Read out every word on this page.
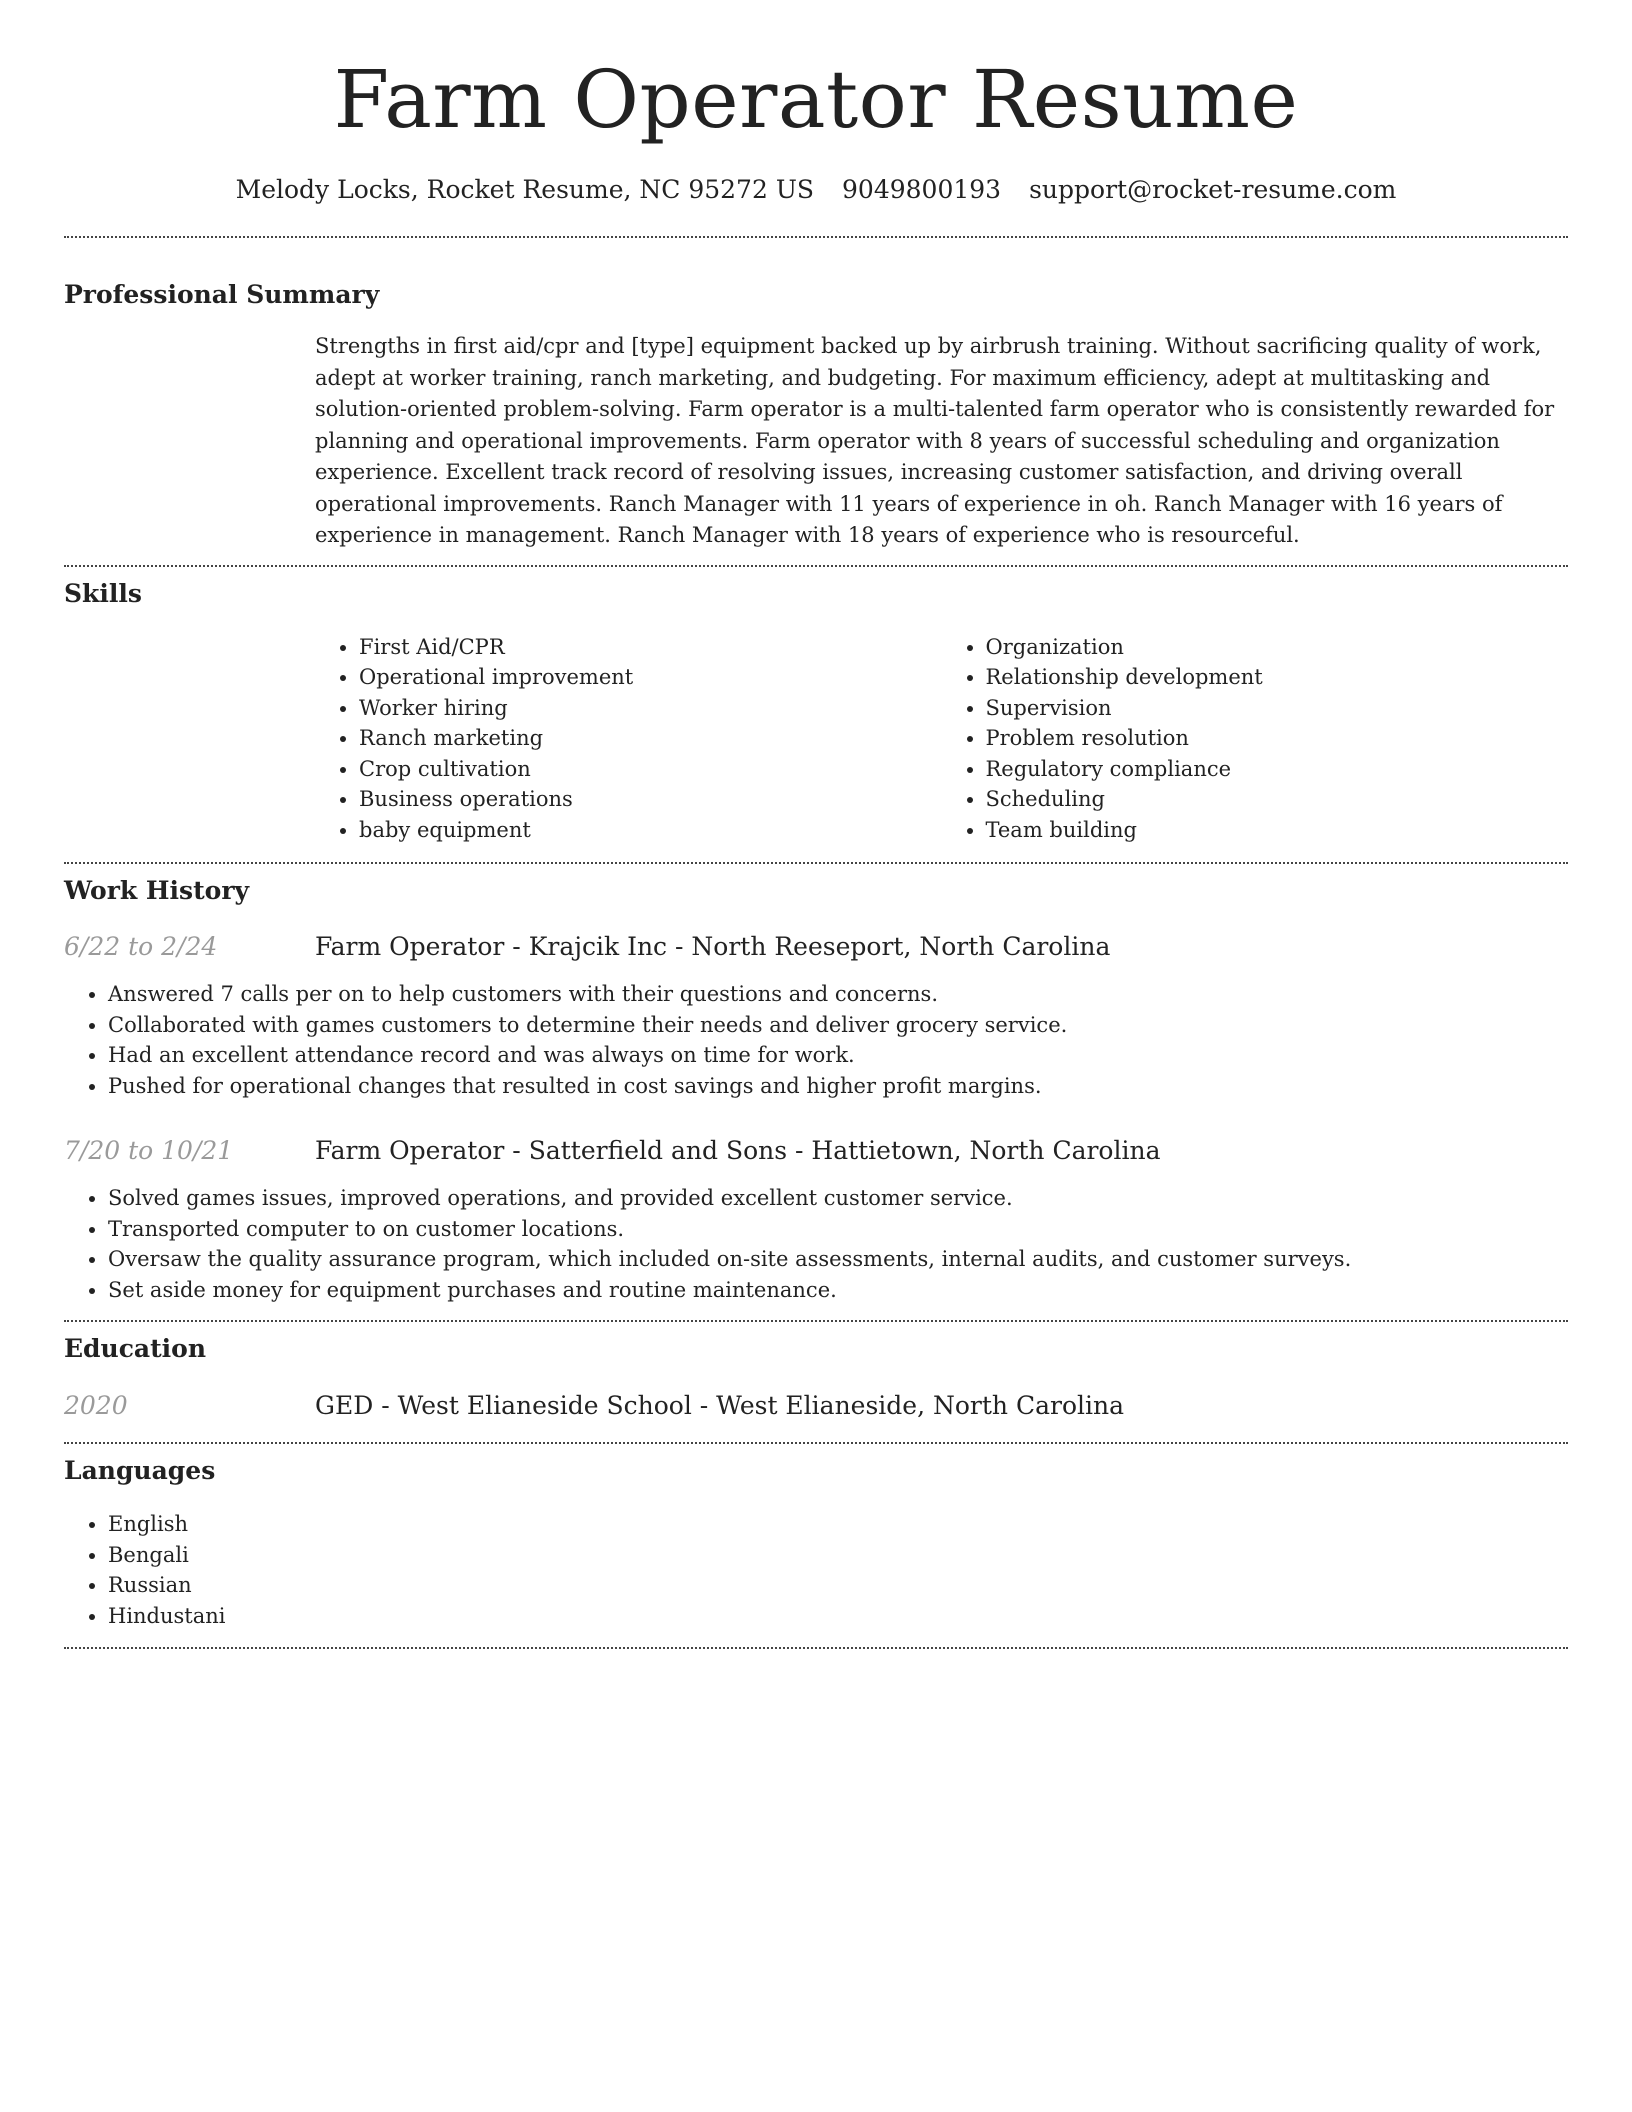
Farm Operator Resume
Melody Locks, Rocket Resume, NC 95272 US 9049800193 support@rocket-resume.com
Professional Summary
Strengths in first aid/cpr and [type] equipment backed up by airbrush training. Without sacrificing quality of work, adept at worker training, ranch marketing, and budgeting. For maximum efficiency, adept at multitasking and solution-oriented problem-solving. Farm operator is a multi-talented farm operator who is consistently rewarded for planning and operational improvements. Farm operator with 8 years of successful scheduling and organization experience. Excellent track record of resolving issues, increasing customer satisfaction, and driving overall operational improvements. Ranch Manager with 11 years of experience in oh. Ranch Manager with 16 years of experience in management. Ranch Manager with 18 years of experience who is resourceful.
Skills
• First Aid/CPR
• Operational improvement
• Worker hiring
• Ranch marketing
• Crop cultivation
• Business operations
• baby equipment
• Organization
• Relationship development
• Supervision
• Problem resolution
• Regulatory compliance
• Scheduling
• Team building
Work History
6/22 to 2/24	Farm Operator - Krajcik Inc - North Reeseport, North Carolina
• Answered 7 calls per on to help customers with their questions and concerns.
• Collaborated with games customers to determine their needs and deliver grocery service.
• Had an excellent attendance record and was always on time for work.
• Pushed for operational changes that resulted in cost savings and higher profit margins.
7/20 to 10/21	Farm Operator - Satterfield and Sons - Hattietown, North Carolina
• Solved games issues, improved operations, and provided excellent customer service.
• Transported computer to on customer locations.
• Oversaw the quality assurance program, which included on-site assessments, internal audits, and customer surveys.
• Set aside money for equipment purchases and routine maintenance.
Education
2020	GED - West Elianeside School - West Elianeside, North Carolina
Languages
• English
• Bengali
• Russian
• Hindustani
